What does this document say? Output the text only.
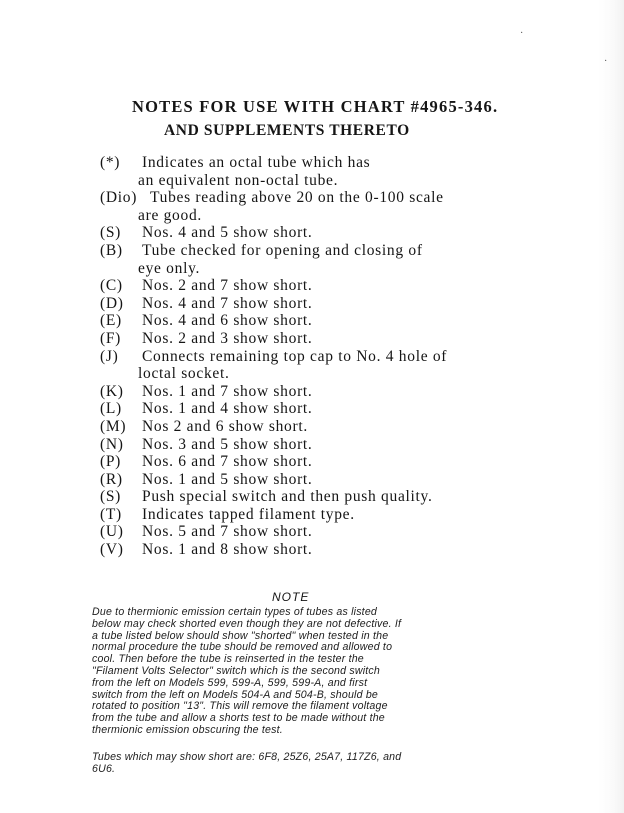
NOTES FOR USE WITH CHART #4965-346.
AND SUPPLEMENTS THERETO
(*) Indicates an octal tube which has
an equivalent non-octal tube.
(Dio) Tubes reading above 20 on the 0-100 scale
are good.
(S) Nos. 4 and 5 show short.
(B) Tube checked for opening and closing of
eye only.
(C) Nos. 2 and 7 show short.
(D) Nos. 4 and 7 show short.
(E) Nos. 4 and 6 show short.
(F) Nos. 2 and 3 show short.
(J) Connects remaining top cap to No. 4 hole of
loctal socket.
(K) Nos. 1 and 7 show short.
(L) Nos. 1 and 4 show short.
(M) Nos 2 and 6 show short.
(N) Nos. 3 and 5 show short.
(P) Nos. 6 and 7 show short.
(R) Nos. 1 and 5 show short.
(S) Push special switch and then push quality.
(T) Indicates tapped filament type.
(U) Nos. 5 and 7 show short.
(V) Nos. 1 and 8 show short.
NOTE
Due to thermionic emission certain types of tubes as listed
below may check shorted even though they are not defective. If
a tube listed below should show "shorted" when tested in the
normal procedure the tube should be removed and allowed to
cool. Then before the tube is reinserted in the tester the
"Filament Volts Selector" switch which is the second switch
from the left on Models 599, 599-A, 599, 599-A, and first
switch from the left on Models 504-A and 504-B, should be
rotated to position "13". This will remove the filament voltage
from the tube and allow a shorts test to be made without the
thermionic emission obscuring the test.
Tubes which may show short are: 6F8, 25Z6, 25A7, 117Z6, and
6U6.
·
·
